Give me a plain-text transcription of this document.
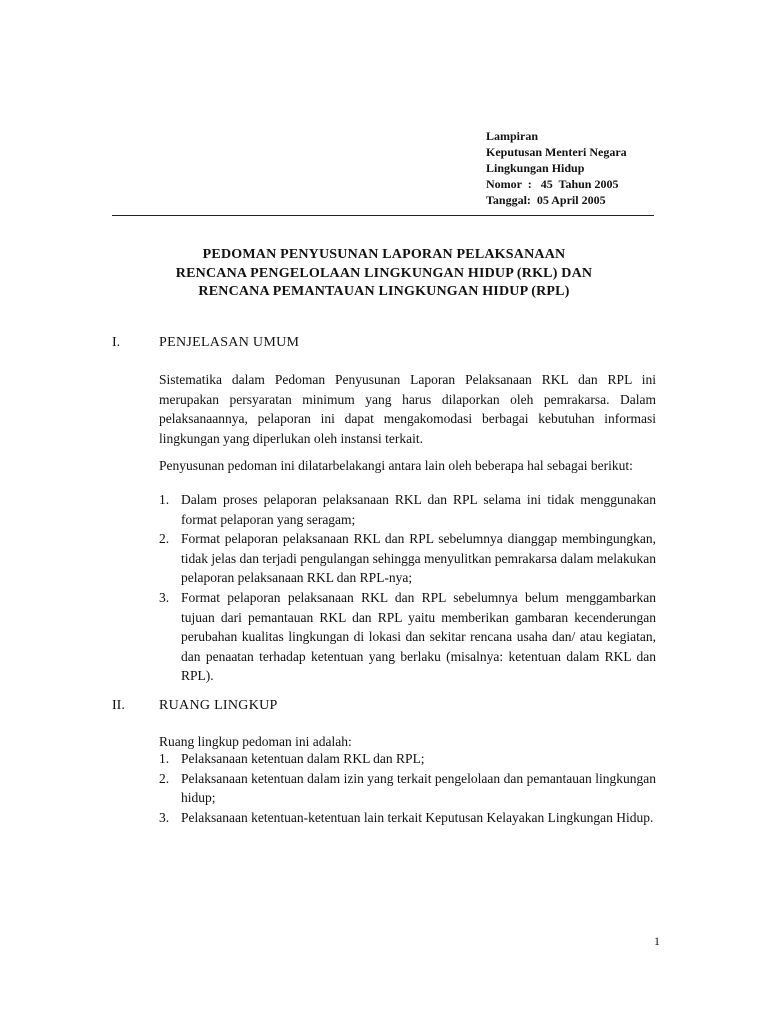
Lampiran
Keputusan Menteri Negara
Lingkungan Hidup
Nomor  :   45  Tahun 2005
Tanggal:  05 April 2005
PEDOMAN PENYUSUNAN LAPORAN PELAKSANAAN
RENCANA PENGELOLAAN LINGKUNGAN HIDUP (RKL) DAN
RENCANA PEMANTAUAN LINGKUNGAN HIDUP (RPL)
I.	PENJELASAN UMUM
Sistematika dalam Pedoman Penyusunan Laporan Pelaksanaan RKL dan RPL ini merupakan persyaratan minimum yang harus dilaporkan oleh pemrakarsa. Dalam pelaksanaannya, pelaporan ini dapat mengakomodasi berbagai kebutuhan informasi lingkungan yang diperlukan oleh instansi terkait.
Penyusunan pedoman ini dilatarbelakangi antara lain oleh beberapa hal sebagai berikut:
1. Dalam proses pelaporan pelaksanaan RKL dan RPL selama ini tidak menggunakan format pelaporan yang seragam;
2. Format pelaporan pelaksanaan RKL dan RPL sebelumnya dianggap membingungkan, tidak jelas dan terjadi pengulangan sehingga menyulitkan pemrakarsa dalam melakukan pelaporan pelaksanaan RKL dan RPL-nya;
3. Format pelaporan pelaksanaan RKL dan RPL sebelumnya belum menggambarkan tujuan dari pemantauan RKL dan RPL yaitu memberikan gambaran kecenderungan perubahan kualitas lingkungan di lokasi dan sekitar rencana usaha dan/ atau kegiatan, dan penaatan terhadap ketentuan yang berlaku (misalnya: ketentuan dalam RKL dan RPL).
II. RUANG LINGKUP
Ruang lingkup pedoman ini adalah:
1. Pelaksanaan ketentuan dalam RKL dan RPL;
2. Pelaksanaan ketentuan dalam izin yang terkait pengelolaan dan pemantauan lingkungan hidup;
3. Pelaksanaan ketentuan-ketentuan lain terkait Keputusan Kelayakan Lingkungan Hidup.
1
